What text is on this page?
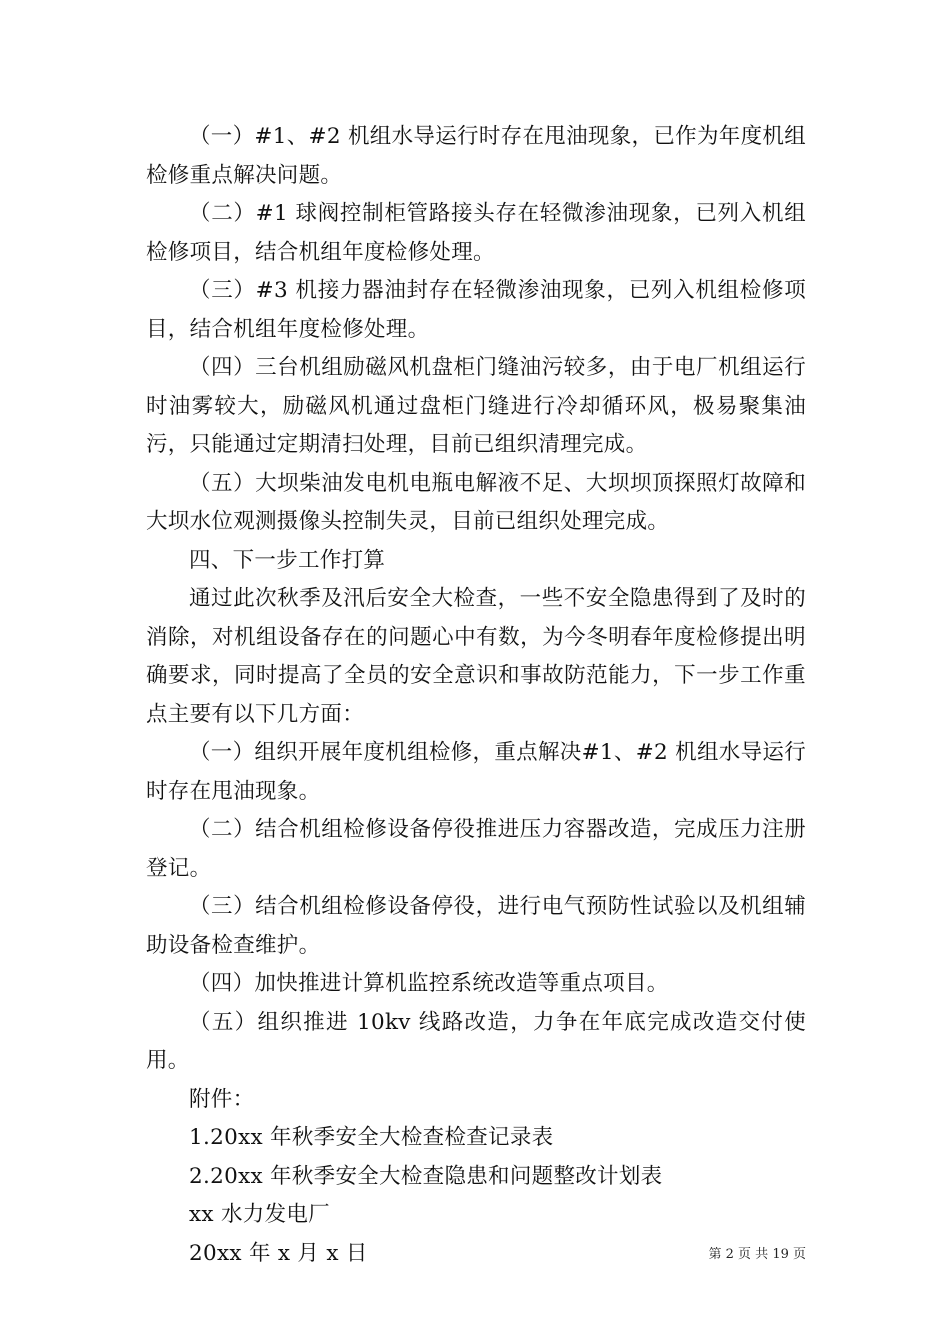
（一）#1、#2 机组水导运行时存在甩油现象，已作为年度机组检修重点解决问题。

（二）#1 球阀控制柜管路接头存在轻微渗油现象，已列入机组检修项目，结合机组年度检修处理。

（三）#3 机接力器油封存在轻微渗油现象，已列入机组检修项目，结合机组年度检修处理。

（四）三台机组励磁风机盘柜门缝油污较多，由于电厂机组运行时油雾较大，励磁风机通过盘柜门缝进行冷却循环风，极易聚集油污，只能通过定期清扫处理，目前已组织清理完成。

（五）大坝柴油发电机电瓶电解液不足、大坝坝顶探照灯故障和大坝水位观测摄像头控制失灵，目前已组织处理完成。

四、下一步工作打算

通过此次秋季及汛后安全大检查，一些不安全隐患得到了及时的消除，对机组设备存在的问题心中有数，为今冬明春年度检修提出明确要求，同时提高了全员的安全意识和事故防范能力，下一步工作重点主要有以下几方面：

（一）组织开展年度机组检修，重点解决#1、#2 机组水导运行时存在甩油现象。

（二）结合机组检修设备停役推进压力容器改造，完成压力注册登记。

（三）结合机组检修设备停役，进行电气预防性试验以及机组辅助设备检查维护。

（四）加快推进计算机监控系统改造等重点项目。

（五）组织推进 10kv 线路改造，力争在年底完成改造交付使用。

附件：

1.20xx 年秋季安全大检查检查记录表

2.20xx 年秋季安全大检查隐患和问题整改计划表

xx 水力发电厂

20xx 年 x 月 x 日	第 2 页 共 19 页
